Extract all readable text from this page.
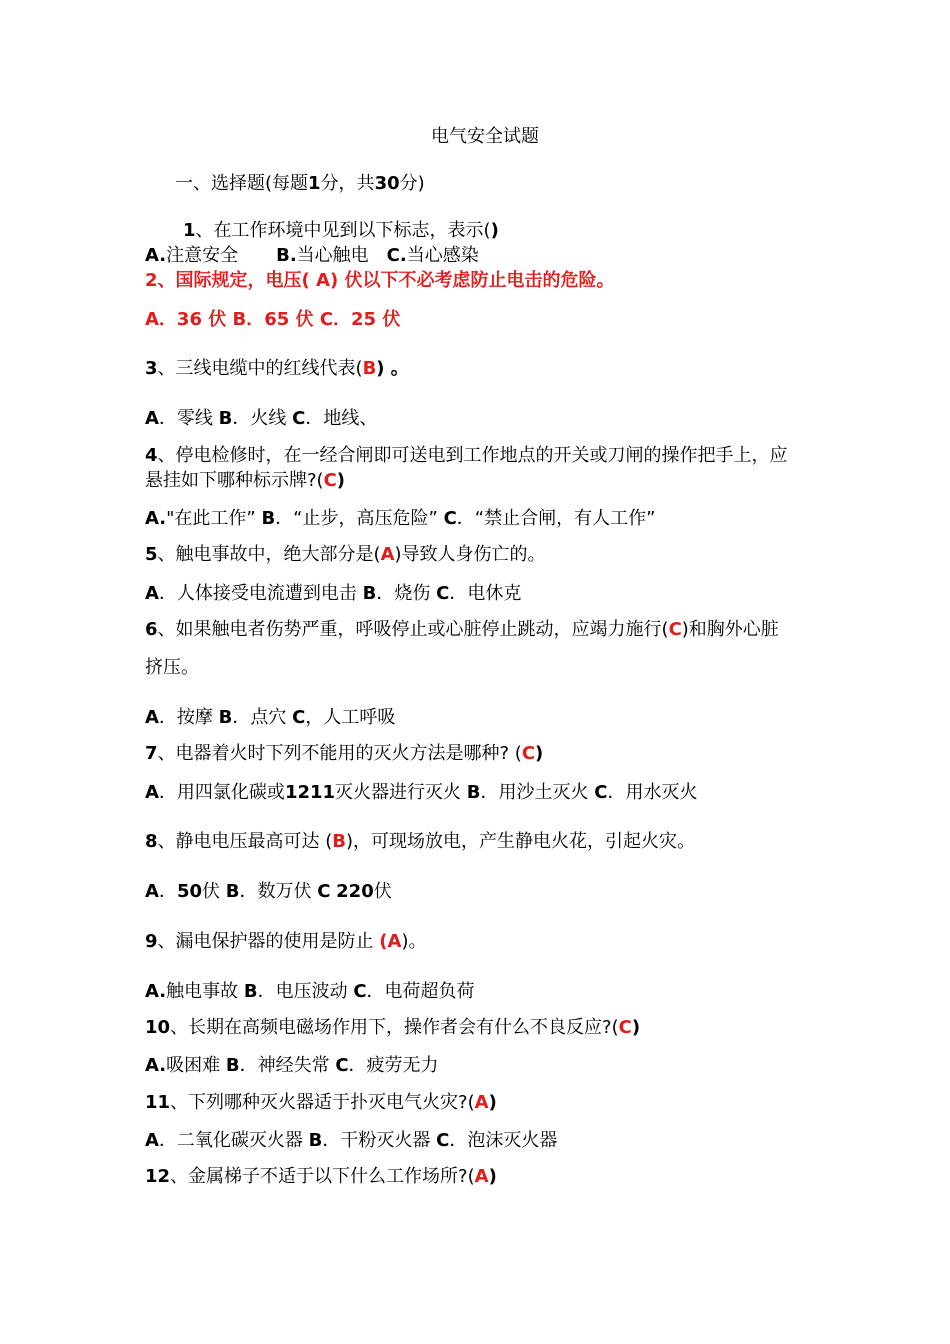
电气安全试题
一、选择题(每题1分，共30分)
1、在工作环境中见到以下标志，表示()
A.注意安全 B.当心触电 C.当心感染
2、国际规定，电压( A) 伏以下不必考虑防止电击的危险。
A．36 伏 B．65 伏 C．25 伏
3、三线电缆中的红线代表(B) 。
A．零线 B．火线 C．地线、
4、停电检修时，在一经合闸即可送电到工作地点的开关或刀闸的操作把手上，应
悬挂如下哪种标示牌?(C)
A."在此工作” B．“止步，高压危险” C．“禁止合闸，有人工作”
5、触电事故中，绝大部分是(A)导致人身伤亡的。
A．人体接受电流遭到电击 B．烧伤 C．电休克
6、如果触电者伤势严重，呼吸停止或心脏停止跳动，应竭力施行(C)和胸外心脏
挤压。
A．按摩 B．点穴 C，人工呼吸
7、电器着火时下列不能用的灭火方法是哪种? (C)
A．用四氯化碳或1211灭火器进行灭火 B．用沙土灭火 C．用水灭火
8、静电电压最高可达 (B)，可现场放电，产生静电火花，引起火灾。
A．50伏 B．数万伏 C 220伏
9、漏电保护器的使用是防止 (A)。
A.触电事故 B．电压波动 C．电荷超负荷
10、长期在高频电磁场作用下，操作者会有什么不良反应?(C)
A.吸困难 B．神经失常 C．疲劳无力
11、下列哪种灭火器适于扑灭电气火灾?(A)
A．二氧化碳灭火器 B．干粉灭火器 C．泡沫灭火器
12、金属梯子不适于以下什么工作场所?(A)
